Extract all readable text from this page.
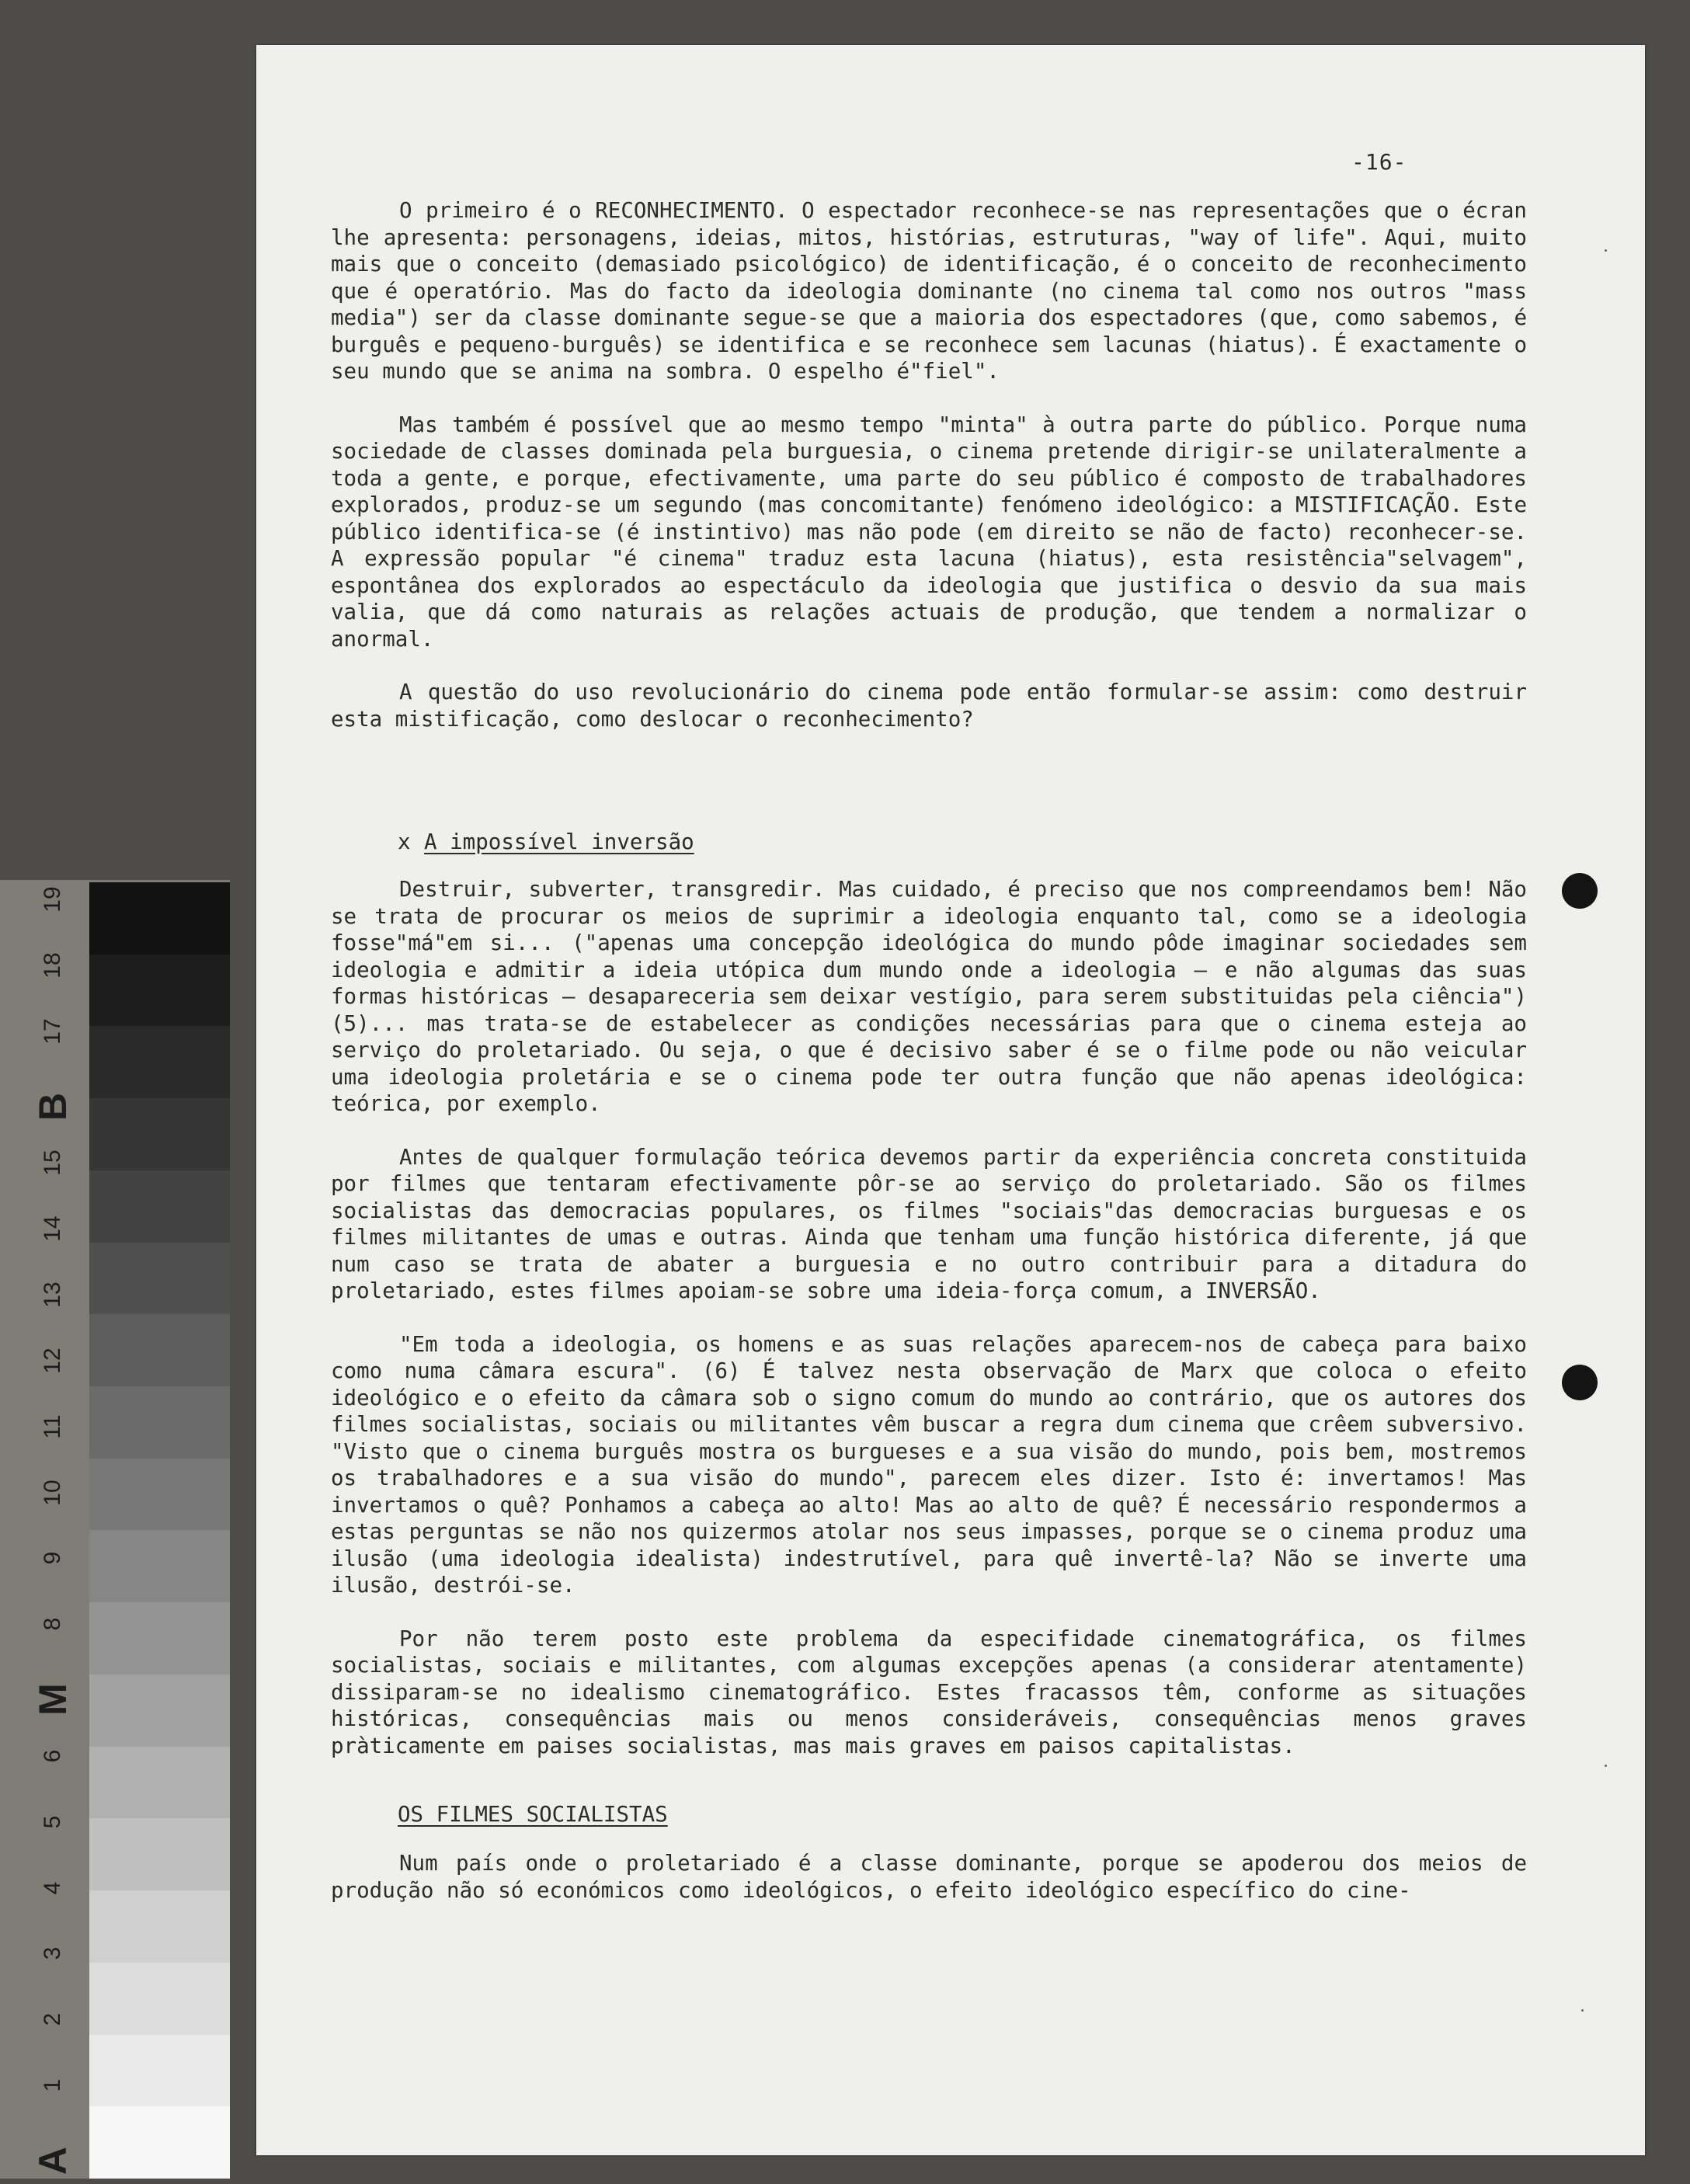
-16-

O primeiro é o RECONHECIMENTO. O espectador reconhece-se nas representações que o écran lhe apresenta: personagens, ideias, mitos, histórias, estruturas, "way of life". Aqui, muito mais que o conceito (demasiado psicológico) de identificação, é o conceito de reconhecimento que é operatório. Mas do facto da ideologia dominante (no cinema tal como nos outros "mass media") ser da classe dominante segue-se que a maioria dos espectadores (que, como sabemos, é burguês e pequeno-burguês) se identifica e se reconhece sem lacunas (hiatus). É exactamente o seu mundo que se anima na sombra. O espelho é"fiel".

Mas também é possível que ao mesmo tempo "minta" à outra parte do público. Porque numa sociedade de classes dominada pela burguesia, o cinema pretende dirigir-se unilateralmente a toda a gente, e porque, efectivamente, uma parte do seu público é composto de trabalhadores explorados, produz-se um segundo (mas concomitante) fenómeno ideológico: a MISTIFICAÇÃO. Este público identifica-se (é instintivo) mas não pode (em direito se não de facto) reconhecer-se. A expressão popular "é cinema" traduz esta lacuna (hiatus), esta resistência"selvagem", espontânea dos explorados ao espectáculo da ideologia que justifica o desvio da sua mais valia, que dá como naturais as relações actuais de produção, que tendem a normalizar o anormal.

A questão do uso revolucionário do cinema pode então formular-se assim: como destruir esta mistificação, como deslocar o reconhecimento?

x A impossível inversão

Destruir, subverter, transgredir. Mas cuidado, é preciso que nos compreendamos bem! Não se trata de procurar os meios de suprimir a ideologia enquanto tal, como se a ideologia fosse"má"em si... ("apenas uma concepção ideológica do mundo pôde imaginar sociedades sem ideologia e admitir a ideia utópica dum mundo onde a ideologia — e não algumas das suas formas históricas — desapareceria sem deixar vestígio, para serem substituidas pela ciência") (5)... mas trata-se de estabelecer as condições necessárias para que o cinema esteja ao serviço do proletariado. Ou seja, o que é decisivo saber é se o filme pode ou não veicular uma ideologia proletária e se o cinema pode ter outra função que não apenas ideológica: teórica, por exemplo.

Antes de qualquer formulação teórica devemos partir da experiência concreta constituida por filmes que tentaram efectivamente pôr-se ao serviço do proletariado. São os filmes socialistas das democracias populares, os filmes "sociais"das democracias burguesas e os filmes militantes de umas e outras. Ainda que tenham uma função histórica diferente, já que num caso se trata de abater a burguesia e no outro contribuir para a ditadura do proletariado, estes filmes apoiam-se sobre uma ideia-força comum, a INVERSÃO.

"Em toda a ideologia, os homens e as suas relações aparecem-nos de cabeça para baixo como numa câmara escura". (6) É talvez nesta observação de Marx que coloca o efeito ideológico e o efeito da câmara sob o signo comum do mundo ao contrário, que os autores dos filmes socialistas, sociais ou militantes vêm buscar a regra dum cinema que crêem subversivo. "Visto que o cinema burguês mostra os burgueses e a sua visão do mundo, pois bem, mostremos os trabalhadores e a sua visão do mundo", parecem eles dizer. Isto é: invertamos! Mas invertamos o quê? Ponhamos a cabeça ao alto! Mas ao alto de quê? É necessário respondermos a estas perguntas se não nos quizermos atolar nos seus impasses, porque se o cinema produz uma ilusão (uma ideologia idealista) indestrutível, para quê invertê-la? Não se inverte uma ilusão, destrói-se.

Por não terem posto este problema da especifidade cinematográfica, os filmes socialistas, sociais e militantes, com algumas excepções apenas (a considerar atentamente) dissiparam-se no idealismo cinematográfico. Estes fracassos têm, conforme as situações históricas, consequências mais ou menos consideráveis, consequências menos graves pràticamente em paises socialistas, mas mais graves em paisos capitalistas.

OS FILMES SOCIALISTAS

Num país onde o proletariado é a classe dominante, porque se apoderou dos meios de produção não só económicos como ideológicos, o efeito ideológico específico do cine-

A
1
2
3
4
5
6
M
8
9
10
11
12
13
14
15
B
17
18
19
